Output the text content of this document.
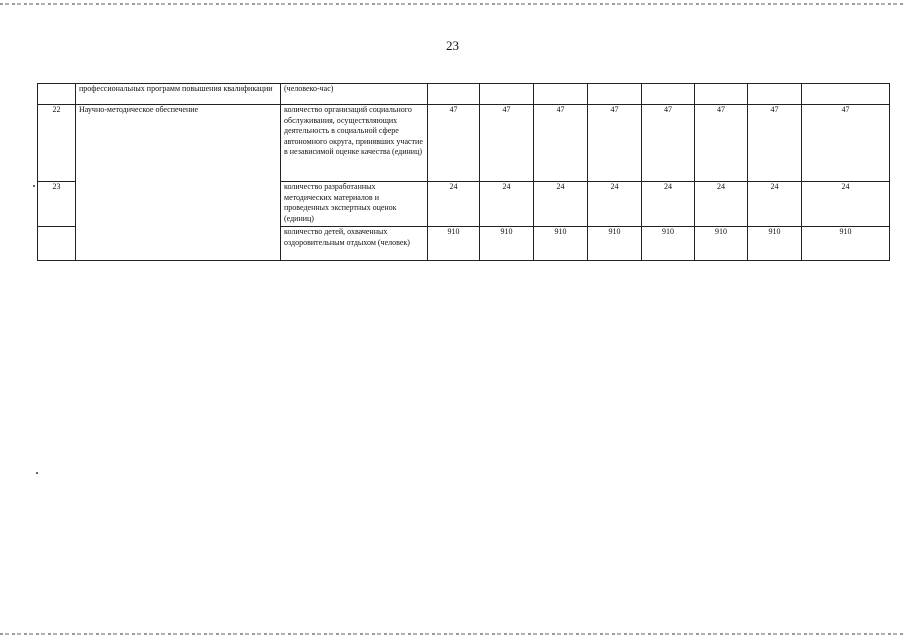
23
	профессиональных программ повышения квалификации	(человеко-час)								
22	Научно-методическое обеспечение	количество организаций социального обслуживания, осуществляющих деятельность в социальной сфере автономного округа, принявших участие в независимой оценке качества (единиц)	47	47	47	47	47	47	47	47
23		количество разработанных методических материалов и проведенных экспертных оценок (единиц)	24	24	24	24	24	24	24	24
		количество детей, охваченных оздоровительным отдыхом (человек)	910	910	910	910	910	910	910	910
